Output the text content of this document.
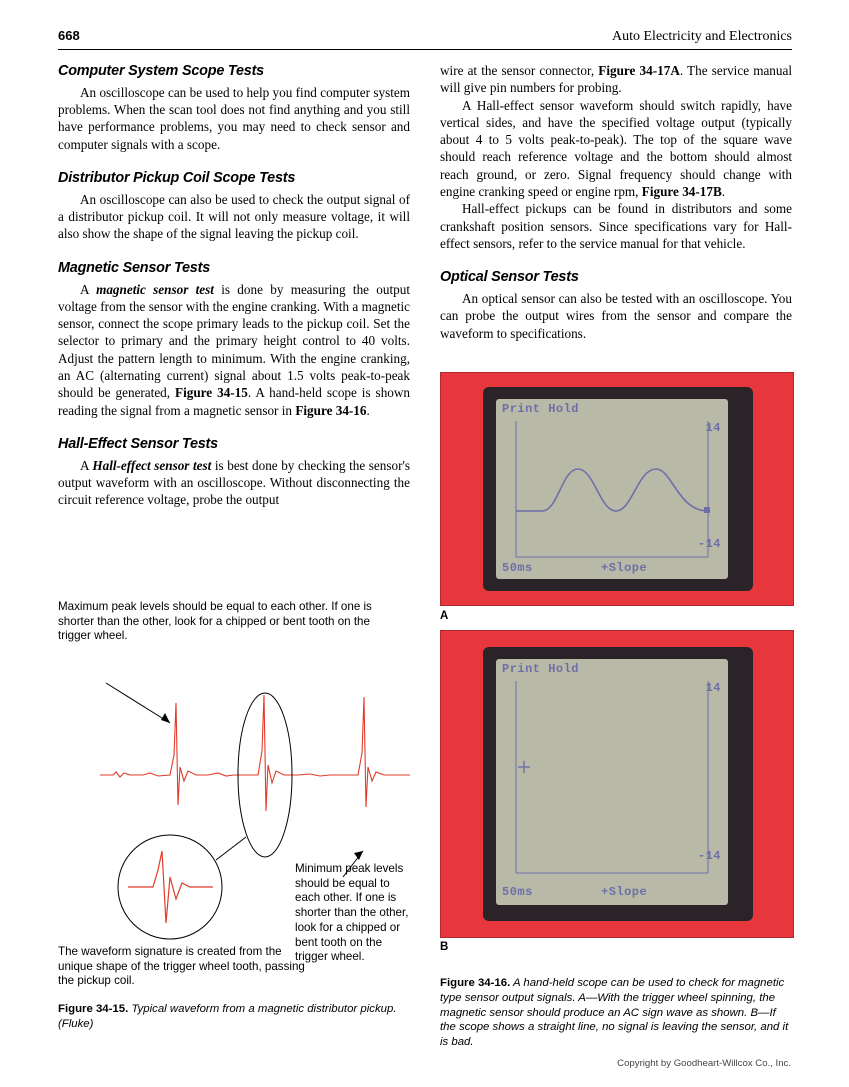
668	Auto Electricity and Electronics
Computer System Scope Tests

An oscilloscope can be used to help you find computer system problems. When the scan tool does not find anything and you still have performance problems, you may need to check sensor and computer signals with a scope.

Distributor Pickup Coil Scope Tests

An oscilloscope can also be used to check the output signal of a distributor pickup coil. It will not only measure voltage, it will also show the shape of the signal leaving the pickup coil.

Magnetic Sensor Tests

A magnetic sensor test is done by measuring the output voltage from the sensor with the engine cranking. With a magnetic sensor, connect the scope primary leads to the pickup coil. Set the selector to primary and the primary height control to 40 volts. Adjust the pattern length to minimum. With the engine cranking, an AC (alternating current) signal about 1.5 volts peak-to-peak should be generated, Figure 34-15. A hand-held scope is shown reading the signal from a magnetic sensor in Figure 34-16.

Hall-Effect Sensor Tests

A Hall-effect sensor test is best done by checking the sensor's output waveform with an oscilloscope. Without disconnecting the circuit reference voltage, probe the output

wire at the sensor connector, Figure 34-17A. The service manual will give pin numbers for probing.

A Hall-effect sensor waveform should switch rapidly, have vertical sides, and have the specified voltage output (typically about 4 to 5 volts peak-to-peak). The top of the square wave should reach reference voltage and the bottom should almost reach ground, or zero. Signal frequency should change with engine cranking speed or engine rpm, Figure 34-17B.

Hall-effect pickups can be found in distributors and some crankshaft position sensors. Since specifications vary for Hall-effect sensors, refer to the service manual for that vehicle.

Optical Sensor Tests

An optical sensor can also be tested with an oscilloscope. You can probe the output wires from the sensor and compare the waveform to specifications.

Maximum peak levels should be equal to each other. If one is shorter than the other, look for a chipped or bent tooth on the trigger wheel.
Minimum peak levels should be equal to each other. If one is shorter than the other, look for a chipped or bent tooth on the trigger wheel.
The waveform signature is created from the unique shape of the trigger wheel tooth, passing the pickup coil.
Figure 34-15. Typical waveform from a magnetic distributor pickup. (Fluke)
Print Hold
14
-14
50ms	+Slope
A
Print Hold
14
-14
50ms	+Slope
B
Figure 34-16. A hand-held scope can be used to check for magnetic type sensor output signals. A—With the trigger wheel spinning, the magnetic sensor should produce an AC sign wave as shown. B—If the scope shows a straight line, no signal is leaving the sensor, and it is bad.
Copyright by Goodheart-Willcox Co., Inc.
